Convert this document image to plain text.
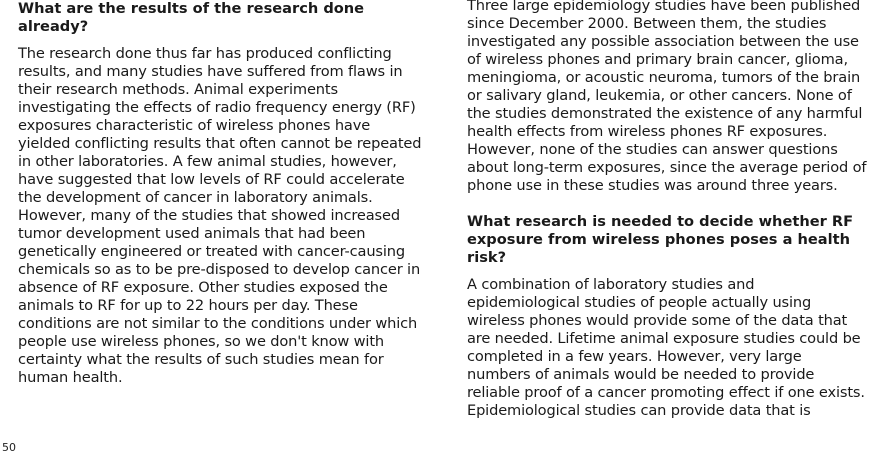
What are the results of the research done already?

The research done thus far has produced conflicting results, and many studies have suffered from flaws in their research methods. Animal experiments investigating the effects of radio frequency energy (RF) exposures characteristic of wireless phones have yielded conflicting results that often cannot be repeated in other laboratories. A few animal studies, however, have suggested that low levels of RF could accelerate the development of cancer in laboratory animals. However, many of the studies that showed increased tumor development used animals that had been genetically engineered or treated with cancer-causing chemicals so as to be pre-disposed to develop cancer in absence of RF exposure. Other studies exposed the animals to RF for up to 22 hours per day. These conditions are not similar to the conditions under which people use wireless phones, so we don't know with certainty what the results of such studies mean for human health.

Three large epidemiology studies have been published since December 2000. Between them, the studies investigated any possible association between the use of wireless phones and primary brain cancer, glioma, meningioma, or acoustic neuroma, tumors of the brain or salivary gland, leukemia, or other cancers. None of the studies demonstrated the existence of any harmful health effects from wireless phones RF exposures. However, none of the studies can answer questions about long-term exposures, since the average period of phone use in these studies was around three years.

What research is needed to decide whether RF exposure from wireless phones poses a health risk?

A combination of laboratory studies and epidemiological studies of people actually using wireless phones would provide some of the data that are needed. Lifetime animal exposure studies could be completed in a few years. However, very large numbers of animals would be needed to provide reliable proof of a cancer promoting effect if one exists. Epidemiological studies can provide data that is

50
